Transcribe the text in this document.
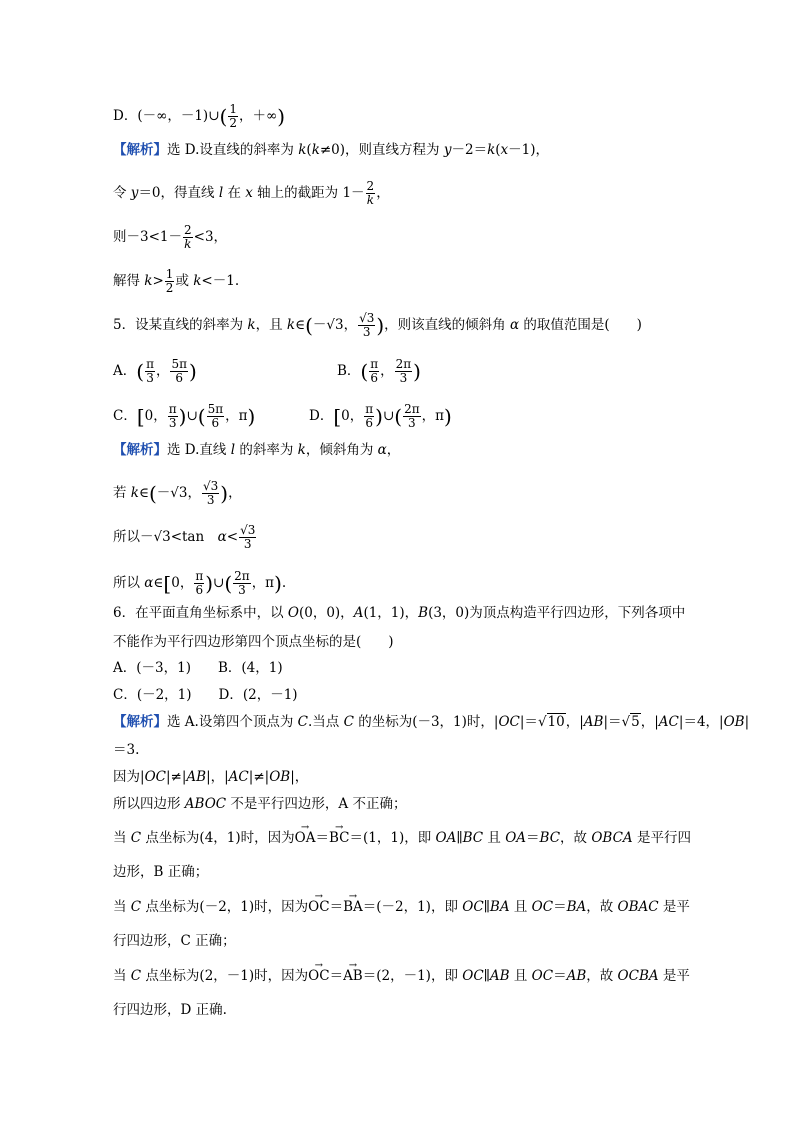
D．(－∞，－1)∪( $\frac{1}{2}$ ，＋∞)
【解析】选 D.设直线的斜率为 k(k≠0)，则直线方程为 y－2＝k(x－1)，
令 y＝0，得直线 l 在 x 轴上的截距为 $1- \frac{2}{k}$ ，
则$-3<1- \frac{2}{k} <3$，
解得 $k> \frac{1}{2}$ 或 k<－1.
5．设某直线的斜率为 k，且 k∈(－√3， $\frac{√3}{3}$ )，则该直线的倾斜角 α 的取值范围是(　　)
A．( $\frac{\pi}{3}$ ， $\frac{5\pi}{6}$ )
C．[0， $\frac{\pi}{3}$ )∪( $\frac{5\pi}{6}$ ，π)
【解析】选 D.直线 l 的斜率为 k，倾斜角为 α，
若 k∈(－√3， $\frac{√3}{3}$ )，
所以－√3<tan　$\alpha< \frac{√3}{3}$
所以 α∈[0， $\frac{\pi}{6}$ )∪( $\frac{2\pi}{3}$ ，π).
6．在平面直角坐标系中，以 O(0，0)，A(1，1)，B(3，0)为顶点构造平行四边形，下列各项中
不能作为平行四边形第四个顶点坐标的是(　　)
A．(－3，1)　　B．(4，1)
C．(－2，1)　　D．(2，－1)
【解析】选 A.设第四个顶点为 C.当点 C 的坐标为(－3，1)时，|OC|＝√10，|AB|＝√5，|AC|＝4，|OB|
＝3.
因为|OC|≠|AB|，|AC|≠|OB|，
所以四边形 ABOC 不是平行四边形，A 不正确；
当 C 点坐标为(4，1)时，因为→ OA＝→ BC＝(1，1)，即 OA∥BC 且 OA＝BC，故 OBCA 是平行四
边形，B 正确；
当 C 点坐标为(－2，1)时，因为→ OC＝→ BA＝(－2，1)，即 OC∥BA 且 OC＝BA，故 OBAC 是平
行四边形，C 正确；
当 C 点坐标为(2，－1)时，因为→ OC＝→ AB＝(2，－1)，即 OC∥AB 且 OC＝AB，故 OCBA 是平
行四边形，D 正确.
B．( $\frac{\pi}{6}$ ， $\frac{2\pi}{3}$ )
D．[0， $\frac{\pi}{6}$ )∪( $\frac{2\pi}{3}$ ，π)
